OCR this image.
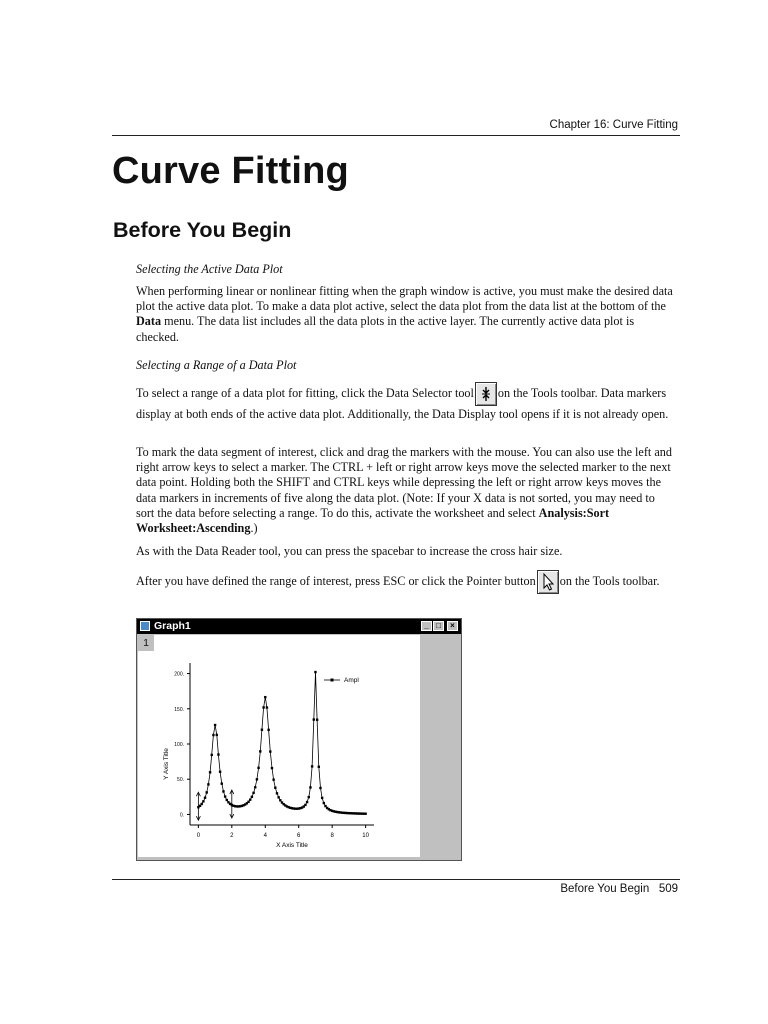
Chapter 16: Curve Fitting
Curve Fitting
Before You Begin
Selecting the Active Data Plot
When performing linear or nonlinear fitting when the graph window is active, you must make the desired data plot the active data plot. To make a data plot active, select the data plot from the data list at the bottom of the Data menu. The data list includes all the data plots in the active layer. The currently active data plot is checked.
Selecting a Range of a Data Plot
To select a range of a data plot for fitting, click the Data Selector tool on the Tools toolbar. Data markers display at both ends of the active data plot. Additionally, the Data Display tool opens if it is not already open.
To mark the data segment of interest, click and drag the markers with the mouse. You can also use the left and right arrow keys to select a marker. The CTRL + left or right arrow keys move the selected marker to the next data point. Holding both the SHIFT and CTRL keys while depressing the left or right arrow keys moves the data markers in increments of five along the data plot. (Note: If your X data is not sorted, you may need to sort the data before selecting a range. To do this, activate the worksheet and select Analysis:Sort Worksheet:Ascending.)
As with the Data Reader tool, you can press the spacebar to increase the cross hair size.
After you have defined the range of interest, press ESC or click the Pointer button on the Tools toolbar.
Graph1	_ □	×
0	2	4	6	8	10
0.
50.
100.
150.
200.
X Axis Title
Y Axis Title
Ampl
1
Before You Begin 509
